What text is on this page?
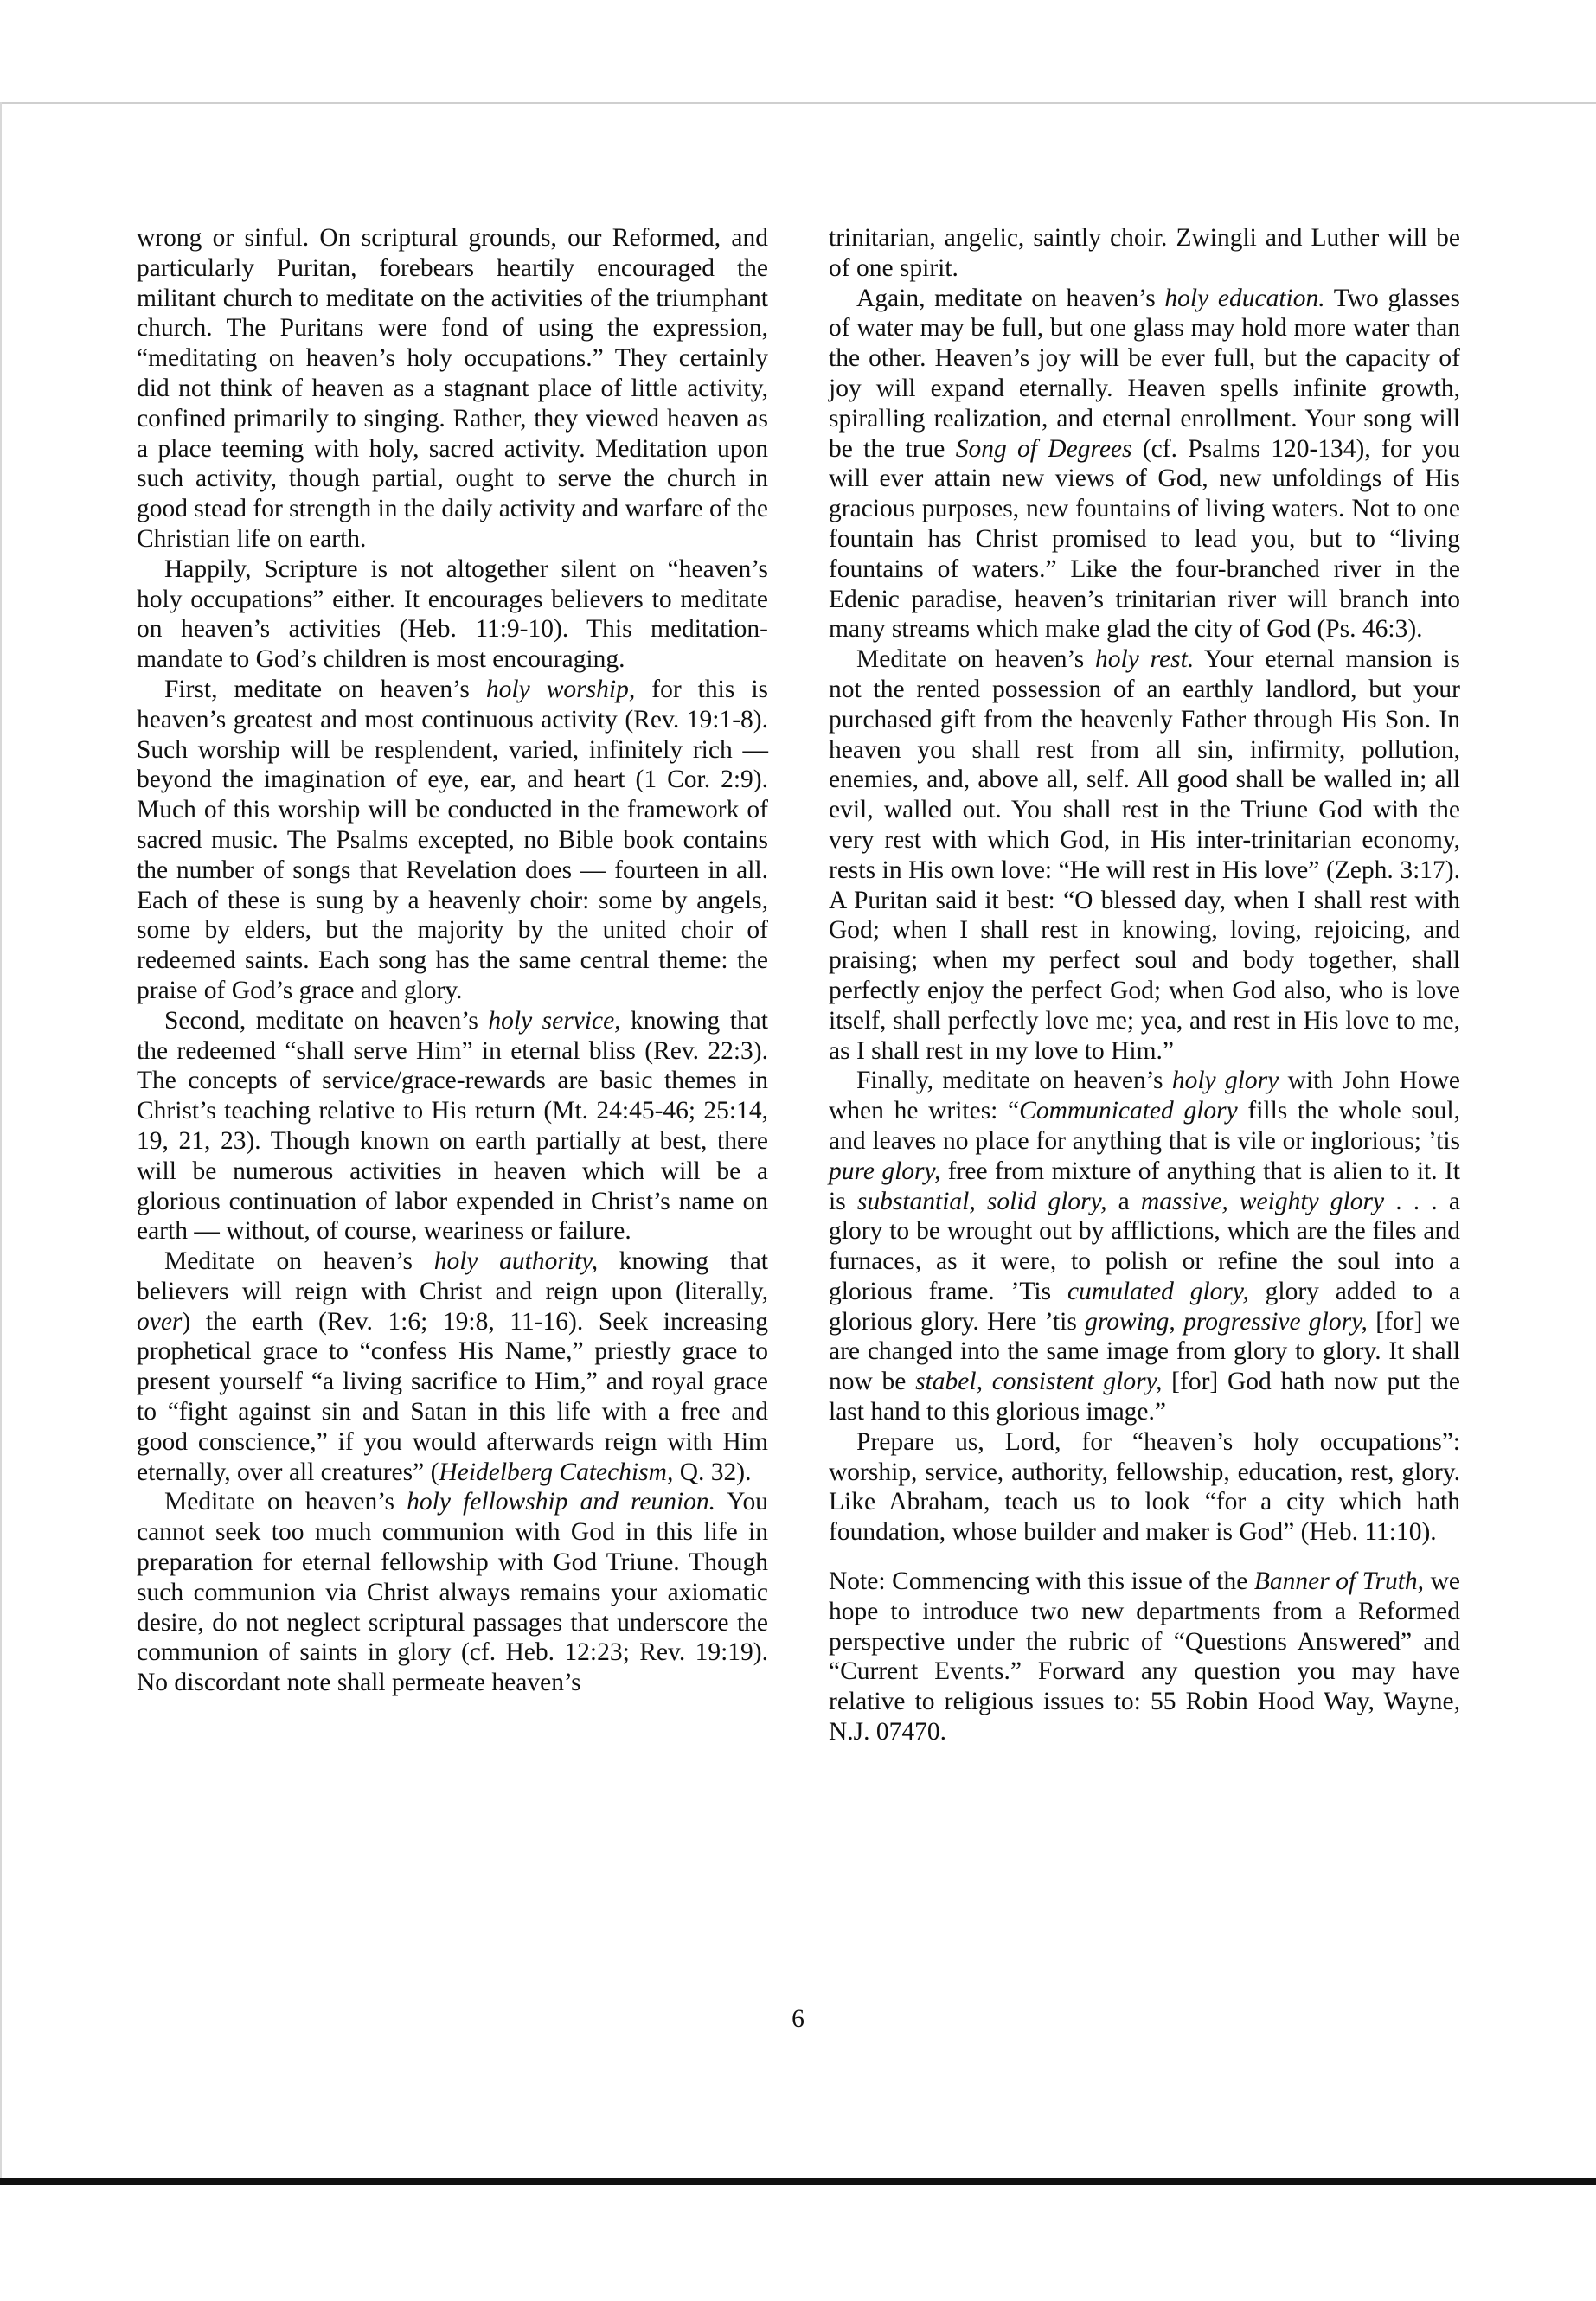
wrong or sinful. On scriptural grounds, our Reformed, and particularly Puritan, forebears heartily encouraged the militant church to meditate on the activities of the triumphant church. The Puritans were fond of using the expression, “meditating on heaven’s holy occupations.” They certainly did not think of heaven as a stagnant place of little activity, confined primarily to singing. Rather, they viewed heaven as a place teeming with holy, sacred activity. Meditation upon such activity, though partial, ought to serve the church in good stead for strength in the daily activity and warfare of the Christian life on earth.

Happily, Scripture is not altogether silent on “heaven’s holy occupations” either. It encourages believers to meditate on heaven’s activities (Heb. 11:9-10). This meditation-mandate to God’s children is most encouraging.

First, meditate on heaven’s holy worship, for this is heaven’s greatest and most continuous activity (Rev. 19:1-8). Such worship will be resplendent, varied, infinitely rich — beyond the imagination of eye, ear, and heart (1 Cor. 2:9). Much of this worship will be conducted in the framework of sacred music. The Psalms excepted, no Bible book contains the number of songs that Revelation does — fourteen in all. Each of these is sung by a heavenly choir: some by angels, some by elders, but the majority by the united choir of redeemed saints. Each song has the same central theme: the praise of God’s grace and glory.

Second, meditate on heaven’s holy service, knowing that the redeemed “shall serve Him” in eternal bliss (Rev. 22:3). The concepts of service/grace-rewards are basic themes in Christ’s teaching relative to His return (Mt. 24:45-46; 25:14, 19, 21, 23). Though known on earth partially at best, there will be numerous activities in heaven which will be a glorious continuation of labor expended in Christ’s name on earth — without, of course, weariness or failure.

Meditate on heaven’s holy authority, knowing that believers will reign with Christ and reign upon (literally, over) the earth (Rev. 1:6; 19:8, 11-16). Seek increasing prophetical grace to “confess His Name,” priestly grace to present yourself “a living sacrifice to Him,” and royal grace to “fight against sin and Satan in this life with a free and good conscience,” if you would afterwards reign with Him eternally, over all creatures” (Heidelberg Catechism, Q. 32).

Meditate on heaven’s holy fellowship and reunion. You cannot seek too much communion with God in this life in preparation for eternal fellowship with God Triune. Though such communion via Christ always remains your axiomatic desire, do not neglect scriptural passages that underscore the communion of saints in glory (cf. Heb. 12:23; Rev. 19:19). No discordant note shall permeate heaven’s

trinitarian, angelic, saintly choir. Zwingli and Luther will be of one spirit.

Again, meditate on heaven’s holy education. Two glasses of water may be full, but one glass may hold more water than the other. Heaven’s joy will be ever full, but the capacity of joy will expand eternally. Heaven spells infinite growth, spiralling realization, and eternal enrollment. Your song will be the true Song of Degrees (cf. Psalms 120-134), for you will ever attain new views of God, new unfoldings of His gracious purposes, new fountains of living waters. Not to one fountain has Christ promised to lead you, but to “living fountains of waters.” Like the four-branched river in the Edenic paradise, heaven’s trinitarian river will branch into many streams which make glad the city of God (Ps. 46:3).

Meditate on heaven’s holy rest. Your eternal mansion is not the rented possession of an earthly landlord, but your purchased gift from the heavenly Father through His Son. In heaven you shall rest from all sin, infirmity, pollution, enemies, and, above all, self. All good shall be walled in; all evil, walled out. You shall rest in the Triune God with the very rest with which God, in His inter-trinitarian economy, rests in His own love: “He will rest in His love” (Zeph. 3:17). A Puritan said it best: “O blessed day, when I shall rest with God; when I shall rest in knowing, loving, rejoicing, and praising; when my perfect soul and body together, shall perfectly enjoy the perfect God; when God also, who is love itself, shall perfectly love me; yea, and rest in His love to me, as I shall rest in my love to Him.”

Finally, meditate on heaven’s holy glory with John Howe when he writes: “Communicated glory fills the whole soul, and leaves no place for anything that is vile or inglorious; ’tis pure glory, free from mixture of anything that is alien to it. It is substantial, solid glory, a massive, weighty glory . . . a glory to be wrought out by afflictions, which are the files and furnaces, as it were, to polish or refine the soul into a glorious frame. ’Tis cumulated glory, glory added to a glorious glory. Here ’tis growing, progressive glory, [for] we are changed into the same image from glory to glory. It shall now be stabel, consistent glory, [for] God hath now put the last hand to this glorious image.”

Prepare us, Lord, for “heaven’s holy occupations”: worship, service, authority, fellowship, education, rest, glory. Like Abraham, teach us to look “for a city which hath foundation, whose builder and maker is God” (Heb. 11:10).

Note: Commencing with this issue of the Banner of Truth, we hope to introduce two new departments from a Reformed perspective under the rubric of “Questions Answered” and “Current Events.” Forward any question you may have relative to religious issues to: 55 Robin Hood Way, Wayne, N.J. 07470.

6
